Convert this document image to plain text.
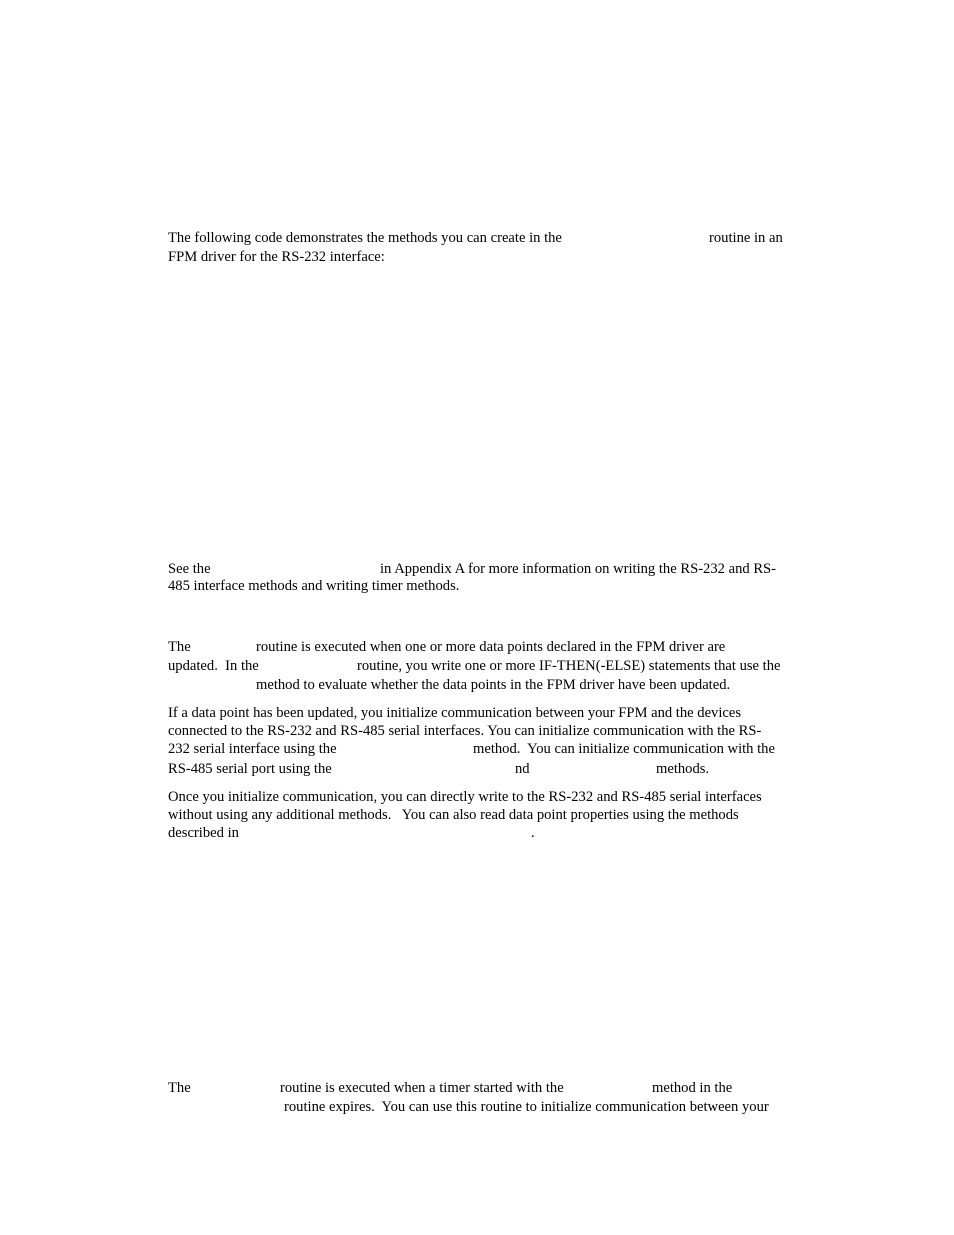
The following code demonstrates the methods you can create in the	routine in an
FPM driver for the RS-232 interface:
See the	in Appendix A for more information on writing the RS-232 and RS-
485 interface methods and writing timer methods.
The	routine is executed when one or more data points declared in the FPM driver are
updated.  In the	routine, you write one or more IF-THEN(-ELSE) statements that use the
method to evaluate whether the data points in the FPM driver have been updated.
If a data point has been updated, you initialize communication between your FPM and the devices
connected to the RS-232 and RS-485 serial interfaces. You can initialize communication with the RS-
232 serial interface using the	method.  You can initialize communication with the
RS-485 serial port using the	nd	methods.
Once you initialize communication, you can directly write to the RS-232 and RS-485 serial interfaces
without using any additional methods.   You can also read data point properties using the methods
described in	.
The	routine is executed when a timer started with the	method in the
routine expires.  You can use this routine to initialize communication between your
